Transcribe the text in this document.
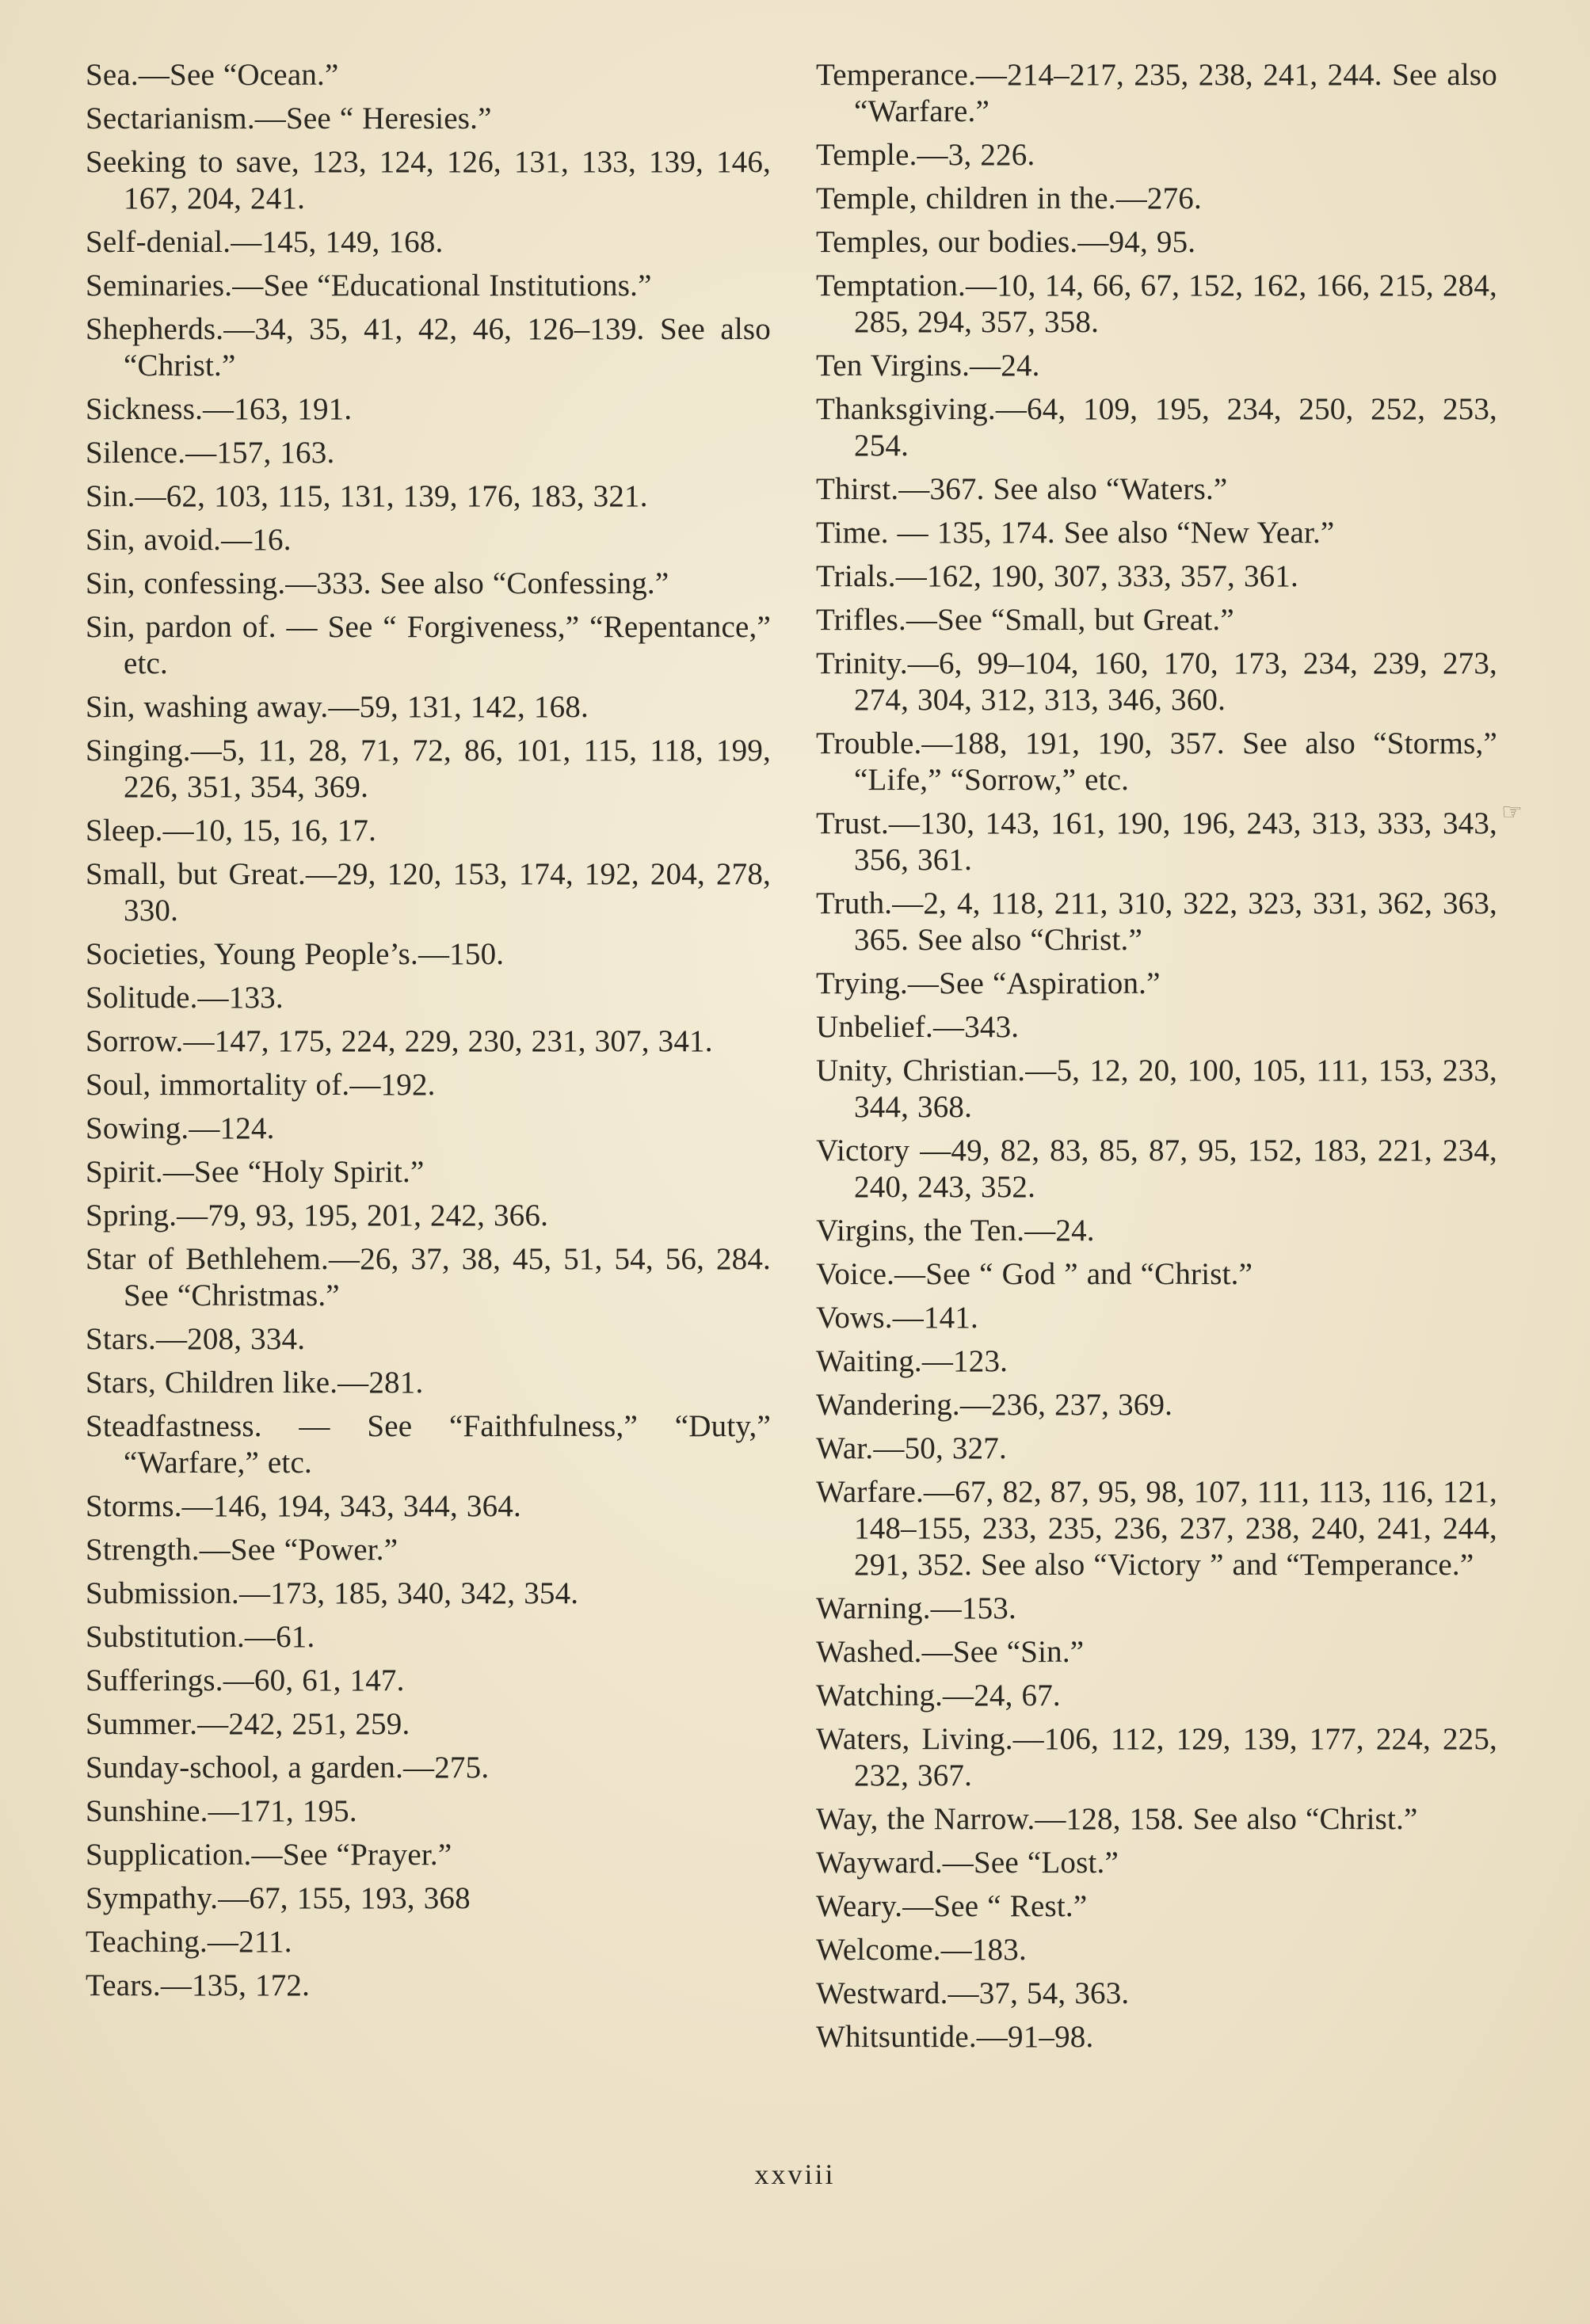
Sea.—See “Ocean.”
Sectarianism.—See “ Heresies.”
Seeking to save, 123, 124, 126, 131, 133, 139, 146, 167, 204, 241.
Self-denial.—145, 149, 168.
Seminaries.—See “Educational Institutions.”
Shepherds.—34, 35, 41, 42, 46, 126–139. See also “Christ.”
Sickness.—163, 191.
Silence.—157, 163.
Sin.—62, 103, 115, 131, 139, 176, 183, 321.
Sin, avoid.—16.
Sin, confessing.—333. See also “Confessing.”
Sin, pardon of. — See “ Forgiveness,” “Repentance,” etc.
Sin, washing away.—59, 131, 142, 168.
Singing.—5, 11, 28, 71, 72, 86, 101, 115, 118, 199, 226, 351, 354, 369.
Sleep.—10, 15, 16, 17.
Small, but Great.—29, 120, 153, 174, 192, 204, 278, 330.
Societies, Young People’s.—150.
Solitude.—133.
Sorrow.—147, 175, 224, 229, 230, 231, 307, 341.
Soul, immortality of.—192.
Sowing.—124.
Spirit.—See “Holy Spirit.”
Spring.—79, 93, 195, 201, 242, 366.
Star of Bethlehem.—26, 37, 38, 45, 51, 54, 56, 284. See “Christmas.”
Stars.—208, 334.
Stars, Children like.—281.
Steadfastness. — See “Faithfulness,” “Duty,” “Warfare,” etc.
Storms.—146, 194, 343, 344, 364.
Strength.—See “Power.”
Submission.—173, 185, 340, 342, 354.
Substitution.—61.
Sufferings.—60, 61, 147.
Summer.—242, 251, 259.
Sunday-school, a garden.—275.
Sunshine.—171, 195.
Supplication.—See “Prayer.”
Sympathy.—67, 155, 193, 368
Teaching.—211.
Tears.—135, 172.
Temperance.—214–217, 235, 238, 241, 244. See also “Warfare.”
Temple.—3, 226.
Temple, children in the.—276.
Temples, our bodies.—94, 95.
Temptation.—10, 14, 66, 67, 152, 162, 166, 215, 284, 285, 294, 357, 358.
Ten Virgins.—24.
Thanksgiving.—64, 109, 195, 234, 250, 252, 253, 254.
Thirst.—367. See also “Waters.”
Time. — 135, 174. See also “New Year.”
Trials.—162, 190, 307, 333, 357, 361.
Trifles.—See “Small, but Great.”
Trinity.—6, 99–104, 160, 170, 173, 234, 239, 273, 274, 304, 312, 313, 346, 360.
Trouble.—188, 191, 190, 357. See also “Storms,” “Life,” “Sorrow,” etc.
Trust.—130, 143, 161, 190, 196, 243, 313, 333, 343, 356, 361.
Truth.—2, 4, 118, 211, 310, 322, 323, 331, 362, 363, 365. See also “Christ.”
Trying.—See “Aspiration.”
Unbelief.—343.
Unity, Christian.—5, 12, 20, 100, 105, 111, 153, 233, 344, 368.
Victory —49, 82, 83, 85, 87, 95, 152, 183, 221, 234, 240, 243, 352.
Virgins, the Ten.—24.
Voice.—See “ God ” and “Christ.”
Vows.—141.
Waiting.—123.
Wandering.—236, 237, 369.
War.—50, 327.
Warfare.—67, 82, 87, 95, 98, 107, 111, 113, 116, 121, 148–155, 233, 235, 236, 237, 238, 240, 241, 244, 291, 352. See also “Victory ” and “Temperance.”
Warning.—153.
Washed.—See “Sin.”
Watching.—24, 67.
Waters, Living.—106, 112, 129, 139, 177, 224, 225, 232, 367.
Way, the Narrow.—128, 158. See also “Christ.”
Wayward.—See “Lost.”
Weary.—See “ Rest.”
Welcome.—183.
Westward.—37, 54, 363.
Whitsuntide.—91–98.
xxviii
☞
